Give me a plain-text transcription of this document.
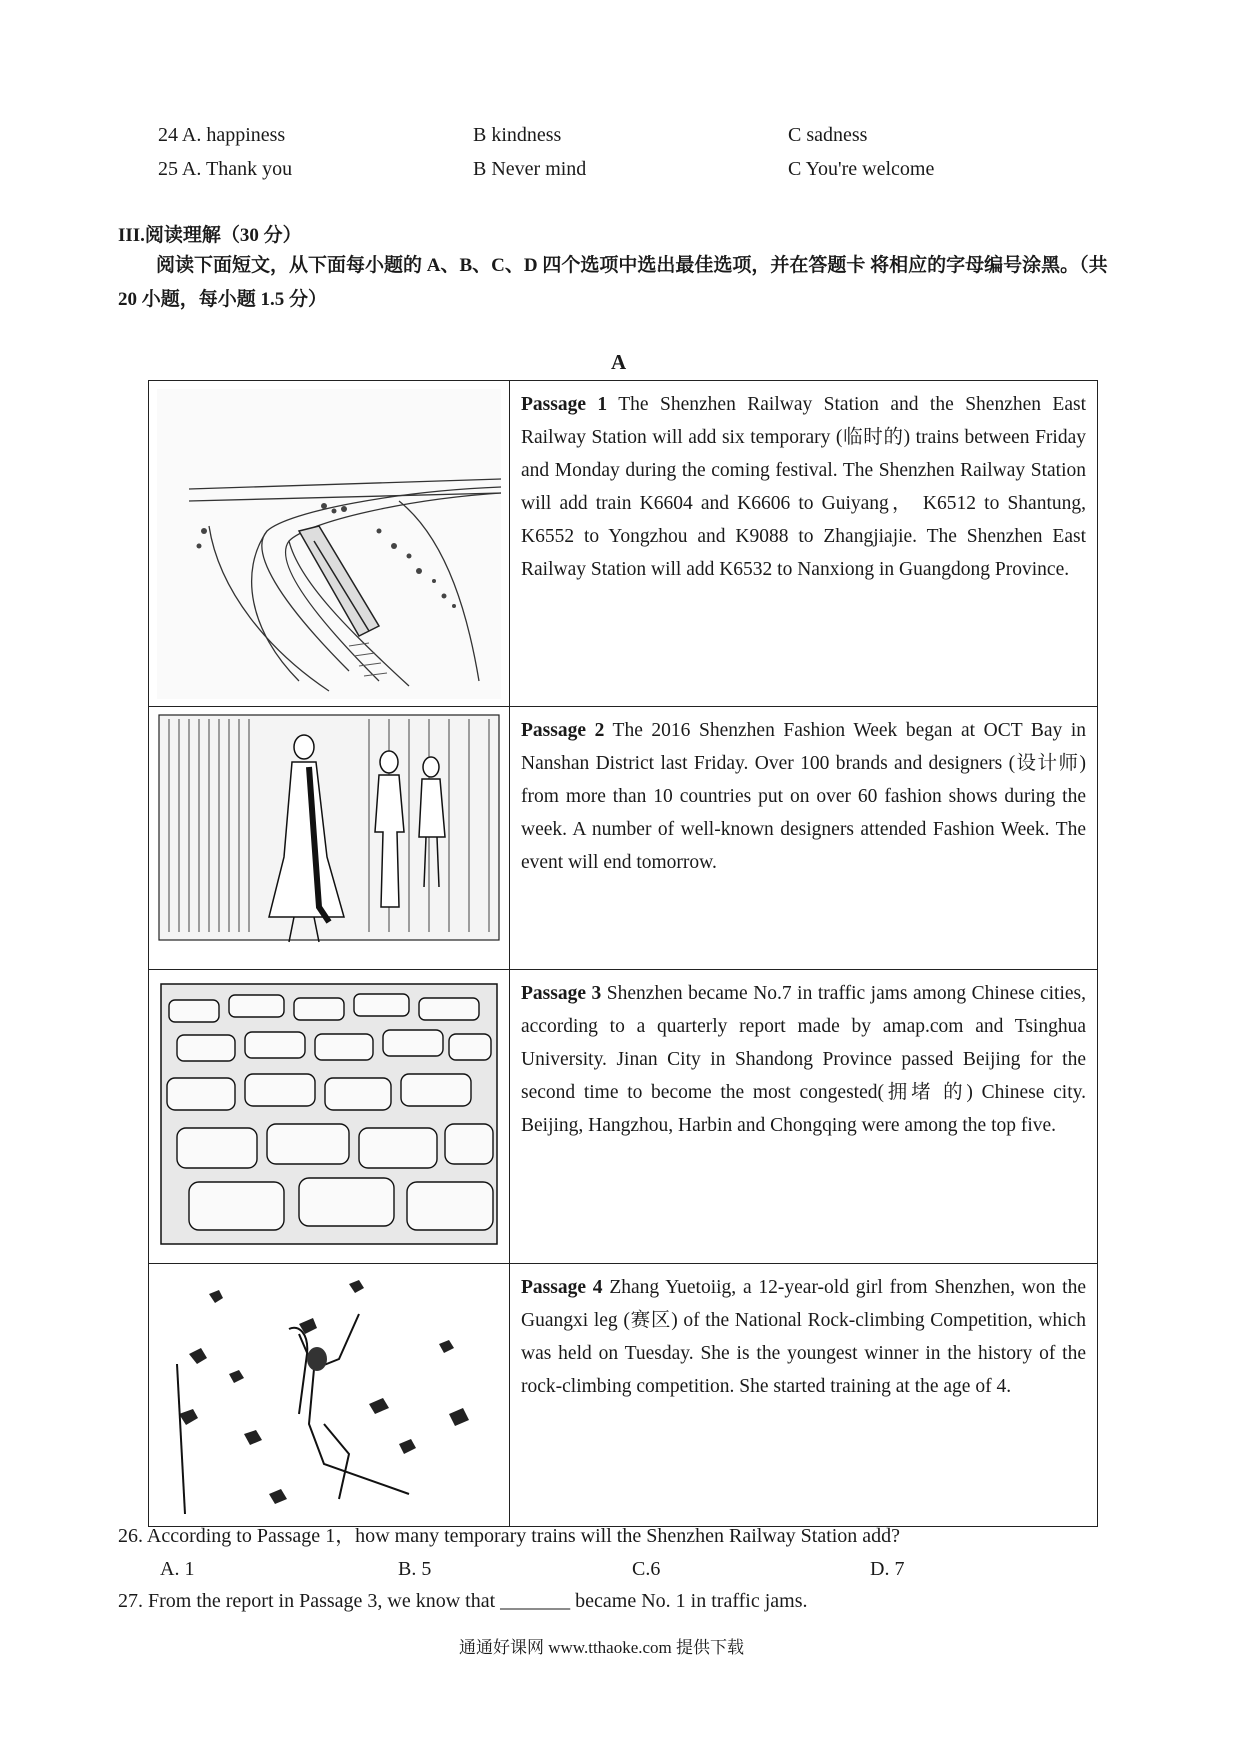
24 A. happiness	B kindness	C sadness
25 A. Thank you	B Never mind	C You're welcome
III.阅读理解（30 分）
阅读下面短文，从下面每小题的 A、B、C、D 四个选项中选出最佳选项，并在答题卡 将相应的字母编号涂黑。（共 20 小题，每小题 1.5 分）
A

Passage 1 The Shenzhen Railway Station and the Shenzhen East Railway Station will add six temporary (临时的) trains between Friday and Monday during the coming festival. The Shenzhen Railway Station will add train K6604 and K6606 to Guiyang， K6512 to Shantung, K6552 to Yongzhou and K9088 to Zhangjiajie. The Shenzhen East Railway Station will add K6532 to Nanxiong in Guangdong Province.

Passage 2 The 2016 Shenzhen Fashion Week began at OCT Bay in Nanshan District last Friday. Over 100 brands and designers (设计师) from more than 10 countries put on over 60 fashion shows during the week. A number of well-known designers attended Fashion Week. The event will end tomorrow.

Passage 3 Shenzhen became No.7 in traffic jams among Chinese cities, according to a quarterly report made by amap.com and Tsinghua University. Jinan City in Shandong Province passed Beijing for the second time to become the most congested(拥堵 的) Chinese city. Beijing, Hangzhou, Harbin and Chongqing were among the top five.

Passage 4 Zhang Yuetoiig, a 12-year-old girl from Shenzhen, won the Guangxi leg (赛区) of the National Rock-climbing Competition, which was held on Tuesday. She is the youngest winner in the history of the rock-climbing competition. She started training at the age of 4.

26. According to Passage 1，how many temporary trains will the Shenzhen Railway Station add?
A. 1	B. 5	C.6	D. 7
27. From the report in Passage 3, we know that _______ became No. 1 in traffic jams.
通通好课网 www.tthaoke.com 提供下载
